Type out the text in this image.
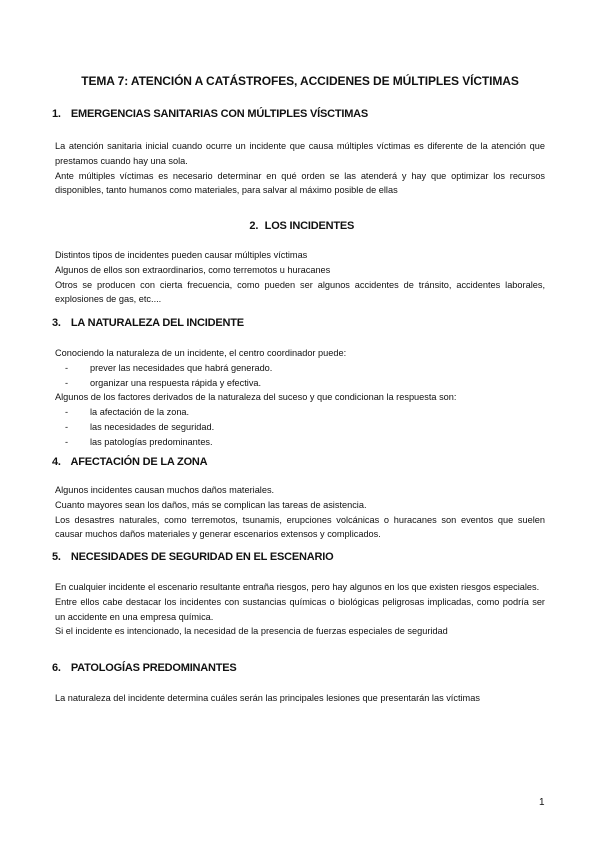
TEMA 7: ATENCIÓN A CATÁSTROFES, ACCIDENES DE MÚLTIPLES VÍCTIMAS
1. EMERGENCIAS SANITARIAS CON MÚLTIPLES VÍSCTIMAS

La atención sanitaria inicial cuando ocurre un incidente que causa múltiples víctimas es diferente de la atención que prestamos cuando hay una sola.

Ante múltiples víctimas es necesario determinar en qué orden se las atenderá y hay que optimizar los recursos disponibles, tanto humanos como materiales, para salvar al máximo posible de ellas

2. LOS INCIDENTES

Distintos tipos de incidentes pueden causar múltiples víctimas

Algunos de ellos son extraordinarios, como terremotos u huracanes

Otros se producen con cierta frecuencia, como pueden ser algunos accidentes de tránsito, accidentes laborales, explosiones de gas, etc....

3. LA NATURALEZA DEL INCIDENTE

Conociendo la naturaleza de un incidente, el centro coordinador puede:

- prever las necesidades que habrá generado.

- organizar una respuesta rápida y efectiva.

Algunos de los factores derivados de la naturaleza del suceso y que condicionan la respuesta son:

- la afectación de la zona.

- las necesidades de seguridad.

- las patologías predominantes.

4. AFECTACIÓN DE LA ZONA

Algunos incidentes causan muchos daños materiales.

Cuanto mayores sean los daños, más se complican las tareas de asistencia.

Los desastres naturales, como terremotos, tsunamis, erupciones volcánicas o huracanes son eventos que suelen causar muchos daños materiales y generar escenarios extensos y complicados.

5. NECESIDADES DE SEGURIDAD EN EL ESCENARIO

En cualquier incidente el escenario resultante entraña riesgos, pero hay algunos en los que existen riesgos especiales.

Entre ellos cabe destacar los incidentes con sustancias químicas o biológicas peligrosas implicadas, como podría ser un accidente en una empresa química.

Si el incidente es intencionado, la necesidad de la presencia de fuerzas especiales de seguridad

6. PATOLOGÍAS PREDOMINANTES

La naturaleza del incidente determina cuáles serán las principales lesiones que presentarán las víctimas

1
